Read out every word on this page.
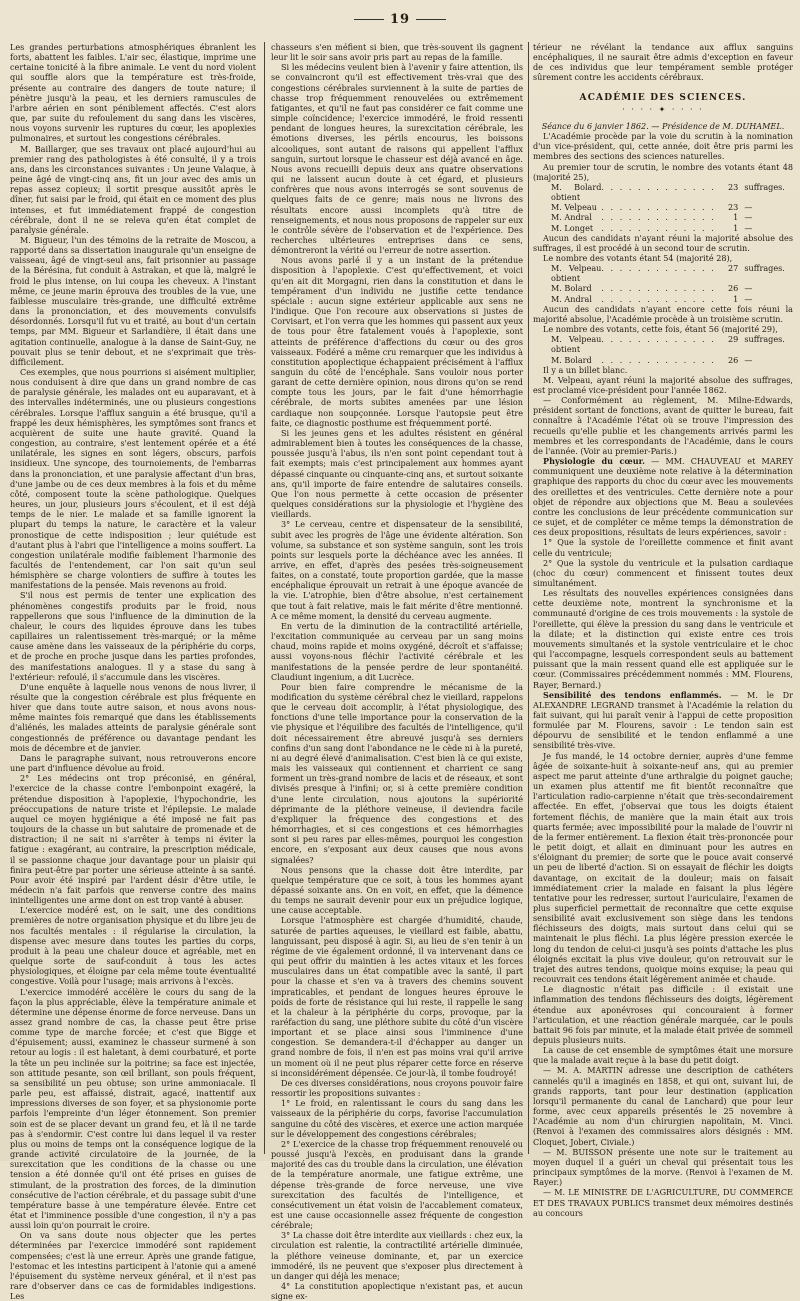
19

Les grandes perturbations atmosphériques ébranlent les forts, abattent les faibles. L'air sec, élastique, imprime une certaine tonicité à la fibre animale. Le vent du nord violent qui souffle alors que la température est très-froide, présente au contraire des dangers de toute nature; il pénètre jusqu'à la peau, et les derniers ramuscules de l'arbre aérien en sont péniblement affectés. C'est alors que, par suite du refoulement du sang dans les viscères, nous voyons survenir les ruptures du cœur, les apoplexies pulmonaires, et surtout les congestions cérébrales.

M. Baillarger, que ses travaux ont placé aujourd'hui au premier rang des pathologistes à été consulté, il y a trois ans, dans les circonstances suivantes : Un jeune Valaque, à peine âgé de vingt-cinq ans, fit un jour avec des amis un repas assez copieux; il sortit presque aussitôt après le dîner, fut saisi par le froid, qui était en ce moment des plus intenses, et fut immédiatement frappé de congestion cérébrale, dont il ne se releva qu'en état complet de paralysie générale.

M. Bigueur, l'un des témoins de la retraite de Moscou, a rapporté dans sa dissertation inaugurale qu'un enseigne de vaisseau, âgé de vingt-seul ans, fait prisonnier au passage de la Bérésina, fut conduit à Astrakan, et que là, malgré le froid le plus intense, on lui coupa les cheveux. A l'instant même, ce jeune marin éprouva des troubles de la vue, une faiblesse musculaire très-grande, une difficulté extrême dans la prononciation, et des mouvements convulsifs désordonnés. Lorsqu'il fut vu et traité, au bout d'un certain temps, par MM. Bigueur et Sarlandière, il était dans une agitation continuelle, analogue à la danse de Saint-Guy, ne pouvait plus se tenir debout, et ne s'exprimait que très-difficilement.

Ces exemples, que nous pourrions si aisément multiplier, nous conduisent à dire que dans un grand nombre de cas de paralysie générale, les malades ont eu auparavant, et à des intervalles indéterminés, une ou plusieurs congestions cérébrales. Lorsque l'afflux sanguin a été brusque, qu'il a frappé les deux hémisphères, les symptômes sont francs et acquièrent de suite une haute gravité. Quand la congestion, au contraire, s'est lentement opérée et a été unilatérale, les signes en sont légers, obscurs, parfois insidieux. Une syncope, des tournoiements, de l'embarras dans la prononciation, et une paralysie affectant d'un bras, d'une jambe ou de ces deux membres à la fois et du même côté, composent toute la scène pathologique. Quelques heures, un jour, plusieurs jours s'écoulent, et il est déjà temps de le nier. Le malade et sa famille ignorent la plupart du temps la nature, le caractère et la valeur pronostique de cette indisposition ; leur quiétude est d'autant plus à l'abri que l'intelligence a moins souffert. La congestion unilatérale modifie faiblement l'harmonie des facultés de l'entendement, car l'on sait qu'un seul hémisphère se charge volontiers de suffire à toutes les manifestations de la pensée. Mais revenons au froid.

S'il nous est permis de tenter une explication des phénomènes congestifs produits par le froid, nous rappellerons que sous l'influence de la diminution de la chaleur, le cours des liquides éprouve dans les tubes capillaires un ralentissement très-marqué; or la même cause amène dans les vaisseaux de la périphérie du corps, et de proche en proche jusque dans les parties profondes, des manifestations analogues. Il y a stase du sang à l'extérieur: refoulé, il s'accumule dans les viscères.

D'une enquête à laquelle nous venons de nous livrer, il résulte que la congestion cérébrale est plus fréquente en hiver que dans toute autre saison, et nous avons nous-même maintes fois remarqué que dans les établissements d'aliénés, les malades atteints de paralysie générale sont congestionnés de préférence ou davantage pendant les mois de décembre et de janvier.

Dans le paragraphe suivant, nous retrouverons encore une part d'influence dévolue au froid.

2° Les médecins ont trop préconisé, en général, l'exercice de la chasse contre l'embonpoint exagéré, la prétendue disposition à l'apoplexie, l'hypochondrie, les préoccupations de nature triste et l'épilepsie. Le malade auquel ce moyen hygiénique a été imposé ne fait pas toujours de la chasse un but salutaire de promenade et de distraction; il ne sait ni s'arrêter à temps ni éviter la fatigue : exagérant, au contraire, la prescription médicale, il se passionne chaque jour davantage pour un plaisir qui finira peut-être par porter une sérieuse atteinte à sa santé. Pour avoir été inspiré par l'ardent désir d'être utile, le médecin n'a fait parfois que renverse contre des mains inintelligentes une arme dont on est trop vanté à abuser.

L'exercice modéré est, on le sait, une des conditions premières de notre organisation physique et du libre jeu de nos facultés mentales : il régularise la circulation, la dispense avec mesure dans toutes les parties du corps, produit à la peau une chaleur douce et agréable, met en quelque sorte de sauf-conduit à tous les actes physiologiques, et éloigne par cela même toute éventualité congestive. Voilà pour l'usage; mais arrivons à l'excès.

L'exercice immodéré accélère le cours du sang de la façon la plus appréciable, élève la température animale et détermine une dépense énorme de force nerveuse. Dans un assez grand nombre de cas, la chasse peut être prise comme type de marche forcée; et c'est que Bigge et d'épuisement; aussi, examinez le chasseur surmené à son retour au logis : il est haletant, à demi courbaturé, et porte la tête un peu inclinée sur la poitrine; sa face est injectée, son attitude pesante, son œil brillant, son pouls fréquent, sa sensibilité un peu obtuse; son urine ammoniacale. Il parle peu, est affaissé, distrait, agacé, inattentif aux impressions diverses de son foyer, et sa physionomie porte parfois l'empreinte d'un léger étonnement. Son premier soin est de se placer devant un grand feu, et là il ne tarde pas à s'endormir. C'est contre lui dans lequel il va rester plus ou moins de temps ont la conséquence logique de la grande activité circulatoire de la journée, de la surexcitation que les conditions de la chasse ou une tension a été donnée qu'il ont été prises en guises de stimulant, de la prostration des forces, de la diminution consécutive de l'action cérébrale, et du passage subit d'une température basse à une température élevée. Entre cet état et l'imminence possible d'une congestion, il n'y a pas aussi loin qu'on pourrait le croire.

On va sans doute nous objecter que les pertes déterminées par l'exercice immodéré sont rapidement compensées; c'est là une erreur. Après une grande fatigue, l'estomac et les intestins participent à l'atonie qui a amené l'épuisement du système nerveux général, et il n'est pas rare d'observer dans ce cas de formidables indigestions. Les

chasseurs s'en méfient si bien, que très-souvent ils gagnent leur lit le soir sans avoir pris part au repas de la famille.

Si les médecins veulent bien à l'avenir y faire attention, ils se convaincront qu'il est effectivement très-vrai que des congestions cérébrales surviennent à la suite de parties de chasse trop fréquemment renouvelées ou extrêmement fatigantes, et qu'il ne faut pas considérer ce fait comme une simple coïncidence; l'exercice immodéré, le froid ressenti pendant de longues heures, la surexcitation cérébrale, les émotions diverses, les périls encourus, les boissons alcooliques, sont autant de raisons qui appellent l'afflux sanguin, surtout lorsque le chasseur est déjà avancé en âge. Nous avons recueilli depuis deux ans quatre observations qui ne laissent aucun doute à cet égard, et plusieurs confrères que nous avons interrogés se sont souvenus de quelques faits de ce genre; mais nous ne livrons des résultats encore aussi incomplets qu'à titre de renseignements, et nous nous proposons de rappeler sur eux le contrôle sévère de l'observation et de l'expérience. Des recherches ultérieures entreprises dans ce sens, démontreront la vérité ou l'erreur de notre assertion.

Nous avons parlé il y a un instant de la prétendue disposition à l'apoplexie. C'est qu'effectivement, et voici qu'en ait dit Morgagni, rien dans la constitution et dans le tempérament d'un individu ne justifie cette tendance spéciale : aucun signe extérieur applicable aux sens ne l'indique. Que l'on recoure aux observations si justes de Corvisart, et l'on verra que les hommes qui passent aux yeux de tous pour être fatalement voués à l'apoplexie, sont atteints de préférence d'affections du cœur ou des gros vaisseaux. Fodéré a même cru remarquer que les individus à constitution apoplectique échappaient précisément à l'afflux sanguin du côté de l'encéphale. Sans vouloir nous porter garant de cette dernière opinion, nous dirons qu'on se rend compte tous les jours, par le fait d'une hémorrhagie cérébrale, de morts subites amenées par une lésion cardiaque non soupçonnée. Lorsque l'autopsie peut être faite, ce diagnostic posthume est fréquemment porté.

Si les jeunes gens et les adultes résistent en général admirablement bien à toutes les conséquences de la chasse, poussée jusqu'à l'abus, ils n'en sont point cependant tout à fait exempts; mais c'est principalement aux hommes ayant dépassé cinquante ou cinquante-cinq ans, et surtout soixante ans, qu'il importe de faire entendre de salutaires conseils. Que l'on nous permette à cette occasion de présenter quelques considérations sur la physiologie et l'hygiène des vieillards.

3° Le cerveau, centre et dispensateur de la sensibilité, subit avec les progrès de l'âge une évidente altération. Son volume, sa substance et son système sanguin, sont les trois points sur lesquels porte la déchéance avec les années. Il arrive, en effet, d'après des pesées très-soigneusement faites, on a constaté, toute proportion gardée, que la masse encéphalique éprouvait un retrait à une époque avancée de la vie. L'atrophie, bien d'être absolue, n'est certainement que tout à fait relative, mais le fait mérite d'être mentionné. A ce même moment, la densité du cerveau augmente.

En vertu de la diminution de la contractilité artérielle, l'excitation communiquée au cerveau par un sang moins chaud, moins rapide et moins oxygéné, décroît et s'affaisse; aussi voyons-nous fléchir l'activité cérébrale et les manifestations de la pensée perdre de leur spontanéité. Claudiunt ingenium, a dit Lucrèce.

Pour bien faire comprendre le mécanisme de la modification du système cérébral chez le vieillard, rappelons que le cerveau doit accomplir, à l'état physiologique, des fonctions d'une telle importance pour la conservation de la vie physique et l'équilibre des facultés de l'intelligence, qu'il doit nécessairement être abreuvé jusqu'à ses derniers confins d'un sang dont l'abondance ne le cède ni à la pureté, ni au degré élevé d'animalisation. C'est bien là ce qui existe, mais les vaisseaux qui contiennent et charrient ce sang forment un très-grand nombre de lacis et de réseaux, et sont divisés presque à l'infini; or, si à cette première condition d'une lente circulation, nous ajoutons la supériorité déprimante de la pléthore veineuse, il deviendra facile d'expliquer la fréquence des congestions et des hémorrhagies, et si ces congestions et ces hémorrhagies sont si peu rares par elles-mêmes, pourquoi les congestion encore, en s'exposant aux deux causes que nous avons signalées?

Nous pensons que la chasse doit être interdite, par quelque température que ce soit, à tous les hommes ayant dépassé soixante ans. On en voit, en effet, que la démence du temps ne saurait devenir pour eux un préjudice logique, une cause acceptable.

Lorsque l'atmosphère est chargée d'humidité, chaude, saturée de parties aqueuses, le vieillard est faible, abattu, languissant, peu disposé à agir. Si, au lieu de s'en tenir à un régime de vie également ordonné, il va intervenant dans ce qui peut offrir du maintien à les actes vitaux et les forces musculaires dans un état compatible avec la santé, il part pour la chasse et s'en va à travers des chemins souvent impraticables, et pendant de longues heures éprouve le poids de forte de résistance qui lui reste, il rappelle le sang et la chaleur à la périphérie du corps, provoque, par la raréfaction du sang, une pléthore subite du côté d'un viscère important et se place ainsi sous l'imminence d'une congestion. Se demandera-t-il d'échapper au danger un grand nombre de fois, il n'en est pas moins vrai qu'il arrive un moment où il ne peut plus réparer cette force en réserve si inconsidérément dépensée. Ce jour-là, il tombe foudroyé!

De ces diverses considérations, nous croyons pouvoir faire ressortir les propositions suivantes :

1° Le froid, en ralentissant le cours du sang dans les vaisseaux de la périphérie du corps, favorise l'accumulation sanguine du côté des viscères, et exerce une action marquée sur le développement des congestions cérébrales;

2° L'exercice de la chasse trop fréquemment renouvelé ou poussé jusqu'à l'excès, en produisant dans la grande majorité des cas du trouble dans la circulation, une élévation de la température anormale, une fatigue extrême, une dépense très-grande de force nerveuse, une vive surexcitation des facultés de l'intelligence, et consécutivement un état voisin de l'accablement comateux, est une cause occasionnelle assez fréquente de congestion cérébrale;

3° La chasse doit être interdite aux vieillards : chez eux, la circulation est ralentie, la contractilité artérielle diminuée, la pléthore veineuse dominante, et, par un exercice immodéré, ils ne peuvent que s'exposer plus directement à un danger qui déjà les menace;

4° La constitution apoplectique n'existant pas, et aucun signe ex-

térieur ne révélant la tendance aux afflux sanguins encéphaliques, il ne saurait être admis d'exception en faveur de ces individus que leur tempérament semble protéger sûrement contre les accidents cérébraux.

ACADÉMIE DES SCIENCES.
· · · · ✦ · · · ·

Séance du 6 janvier 1862. — Présidence de M. DUHAMEL.

L'Académie procède par la voie du scrutin à la nomination d'un vice-président, qui, cette année, doit être pris parmi les membres des sections des sciences naturelles.

Au premier tour de scrutin, le nombre des votants étant 48 (majorité 25),

M. Bolard obtient
. . . . . . . . . . . . .	23 suffrages.
M. Velpeau . . . . . . . . . . . . .	23 —
M. Andral	. . . . . . . . . . . . .	1 —
M. Longet	. . . . . . . . . . . . .	1 —

Aucun des candidats n'ayant réuni la majorité absolue des suffrages, il est procédé à un second tour de scrutin.

Le nombre des votants étant 54 (majorité 28),

M. Velpeau obtient
. . . . . . . . . . . . .	27 suffrages.
M. Bolard	. . . . . . . . . . . . .	26 —
M. Andral	. . . . . . . . . . . . .	1 —

Aucun des candidats n'ayant encore cette fois réuni la majorité absolue, l'Académie procède à un troisième scrutin.

Le nombre des votants, cette fois, étant 56 (majorité 29),

M. Velpeau obtient
. . . . . . . . . . . . .	29 suffrages.
M. Bolard	. . . . . . . . . . . . .	26 —

Il y a un billet blanc.

M. Velpeau, ayant réuni la majorité absolue des suffrages, est proclamé vice-président pour l'année 1862.

— Conformément au règlement, M. Milne-Edwards, président sortant de fonctions, avant de quitter le bureau, fait connaître à l'Académie l'état où se trouve l'impression des recueils qu'elle publie et les changements arrivés parmi les membres et les correspondants de l'Académie, dans le cours de l'année. (Voir au premier-Paris.)

Physiologie du cœur. — MM. CHAUVEAU et MAREY communiquent une deuxième note relative à la détermination graphique des rapports du choc du cœur avec les mouvements des oreillettes et des ventricules. Cette dernière note a pour objet de répondre aux objections que M. Beau a soulevées contre les conclusions de leur précédente communication sur ce sujet, et de compléter ce même temps la démonstration de ces deux propositions, résultats de leurs expériences, savoir :

1° Que la systole de l'oreillette commence et finit avant celle du ventricule;

2° Que la systole du ventricule et la pulsation cardiaque (choc du cœur) commencent et finissent toutes deux simultanément.

Les résultats des nouvelles expériences consignées dans cette deuxième note, montrent la synchronisme et la communauté d'origine de ces trois mouvements : la systole de l'oreillette, qui élève la pression du sang dans le ventricule et la dilate; et la distinction qui existe entre ces trois mouvements simultanés et la systole ventriculaire et le choc qui l'accompagne, lesquels correspondent seuls au battement puissant que la main ressent quand elle est appliquée sur le cœur. (Commissaires précédemment nommés : MM. Flourens, Rayer, Bernard.)

Sensibilité des tendons enflammés. — M. le Dr ALEXANDRE LEGRAND transmet à l'Académie la relation du fait suivant, qui lui paraît venir à l'appui de cette proposition formulée par M. Flourens, savoir : Le tendon sain est dépourvu de sensibilité et le tendon enflammé a une sensibilité très-vive.

Je fus mandé, le 14 octobre dernier, auprès d'une femme âgée de soixante-huit à soixante-neuf ans, qui au premier aspect me parut atteinte d'une arthralgie du poignet gauche; un examen plus attentif me fit bientôt reconnaître que l'articulation radio-carpienne n'était que très-secondairement affectée. En effet, j'observai que tous les doigts étaient fortement fléchis, de manière que la main était aux trois quarts fermée; avec impossibilité pour la malade de l'ouvrir ni de la fermer entièrement. La flexion était très-prononcée pour le petit doigt, et allait en diminuant pour les autres en s'éloignant du premier; de sorte que le pouce avait conservé un peu de liberté d'action. Si on essayait de fléchir les doigts davantage, on excitait de la douleur; mais on faisait immédiatement crier la malade en faisant la plus légère tentative pour les redresser, surtout l'auriculaire, l'examen de plus superficiel permettait de reconnaître que cette exquise sensibilité avait exclusivement son siège dans les tendons fléchisseurs des doigts, mais surtout dans celui qui se maintenait le plus fléchi. La plus légère pression exercée le long du tendon de celui-ci jusqu'à ses points d'attache les plus éloignés excitait la plus vive douleur, qu'on retrouvait sur le trajet des autres tendons, quoique moins exquise; la peau qui recouvrait ces tendons était légèrement animée et chaude.

Le diagnostic n'était pas difficile : il existait une inflammation des tendons fléchisseurs des doigts, légèrement étendue aux aponévroses qui concouraient à former l'articulation, et une réaction générale marquée, car le pouls battait 96 fois par minute, et la malade était privée de sommeil depuis plusieurs nuits.

La cause de cet ensemble de symptômes était une morsure que la malade avait reçue à la base du petit doigt.

— M. A. MARTIN adresse une description de cathéters cannelés qu'il a imaginés en 1858, et qui ont, suivant lui, de grands rapports, tant pour leur destination (application lorsqu'il permanente du canal de Lanchard) que pour leur forme, avec ceux appareils présentés le 25 novembre à l'Académie au nom d'un chirurgien napolitain, M. Vinci. (Renvoi à l'examen des commissaires alors désignés : MM. Cloquet, Jobert, Civiale.)

— M. BUISSON présente une note sur le traitement au moyen duquel il a guéri un cheval qui présentait tous les principaux symptômes de la morve. (Renvoi à l'examen de M. Rayer.)

— M. LE MINISTRE DE L'AGRICULTURE, DU COMMERCE ET DES TRAVAUX PUBLICS transmet deux mémoires destinés au concours
